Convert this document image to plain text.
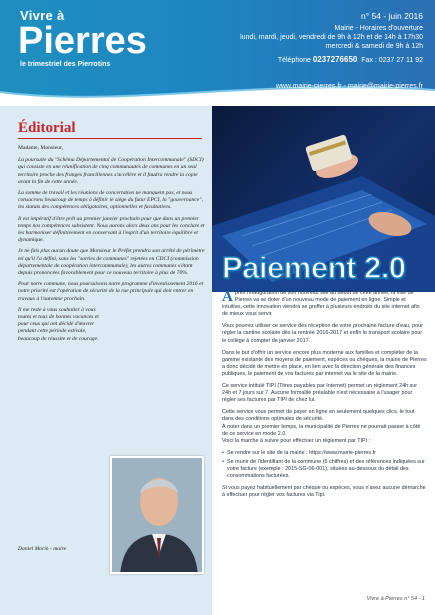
Vivre à
Pierres
le trimestriel des Pierrotins
n° 54 - juin 2016
Mairie - Horaires d'ouverture
lundi, mardi, jeudi, vendredi de 9h à 12h et de 14h à 17h30
mercredi & samedi de 9h à 12h
Téléphone 0237276650 Fax : 0237 27 11 92
www.mairie-pierres.fr - mairie@mairie-pierres.fr
Éditorial

Madame, Monsieur,

La poursuite du "Schéma Départemental de Coopération Intercommunale" (SDCI) qui consiste en une réunification de cinq communautés de communes en un seul territoire proche des franges franciliennes s'accélère et il faudra rendre la copie avant la fin de cette année.

La somme de travail et les réunions de concertation ne manquent pas, et nous consacrons beaucoup de temps à définir le siège du futur EPCI, la "gouvernance", les statuts des compétences obligatoires, optionnelles et facultatives.

Il est impératif d'être prêt au premier janvier prochain pour que dans un premier temps nos compétences subsistent. Nous aurons alors deux ans pour les conclure et les harmoniser définitivement en conservant à l'esprit d'un territoire équilibré et dynamique.

Je ne fais plus aucun doute que Monsieur le Préfet prendra son arrêté de périmètre tel qu'il l'a défini, sans les "sorties de communes" rejetées en CDCI (commission départementale de coopération intercommunale), les autres communes s'étant depuis prononcées favorablement pour ce nouveau territoire à plus de 70%.

Pour notre commune, nous poursuivons notre programme d'investissement 2016 et notre priorité est l'opération de sécurité de la rue principale qui doit entrer en travaux à l'automne prochain.

Il me reste à vous souhaiter à vous toutes et tous de bonnes vacances et pour ceux qui ont décidé d'œuvrer pendant cette période estivale, beaucoup de réussite et de courage.

Daniel Morin - maire
Paiement 2.0

Après l'inauguration de son nouveau site au début de cette année, la ville de Pierres va se doter d'un nouveau mode de paiement en ligne. Simple et intuitive, cette innovation viendra se greffer à plusieurs endroits du site internet afin de mieux vous servir.

Vous pourrez utiliser ce service dès réception de votre prochaine facture d'eau, pour régler la cantine scolaire dès la rentrée 2016-2017 et enfin le transport scolaire pour le collège à compter de janvier 2017.

Dans le but d'offrir un service encore plus moderne aux familles et compléter de la gamme existante des moyens de paiement, espèces ou chèques, la mairie de Pierres a donc décidé de mettre en place, en lien avec la direction générale des finances publiques, le paiement de vos factures par internet via le site de la mairie.

Ce service intitulé TIPI (Titres payables par Internet) permet un règlement 24h sur 24h et 7 jours sur 7. Aucune formalité préalable n'est nécessaire à l'usager pour régler ses factures par TIPI de chez lui.

Cette service vous permet de payer en ligne en seulement quelques clics, le tout dans des conditions optimales de sécurité.

À noter dans un premier temps, la municipalité de Pierres ne pourrait passer à côté de ce service en mode 2.0.

Voici la marche à suivre pour effectuer un règlement par TIPI :

• Se rendre sur le site de la mairie : https://www.mairie-pierres.fr
• Se munir de l'identifiant de la commune (6 chiffres) et des références indiquées sur votre facture (exemple : 2015-SG-06-001), situées au-dessous du détail des consommations facturées.

Si vous payez habituellement par chèque ou espèces, vous n'avez aucune démarche à effectuer pour régler vos factures via Tipi.

Vivre à Pierres n° 54 - 1
